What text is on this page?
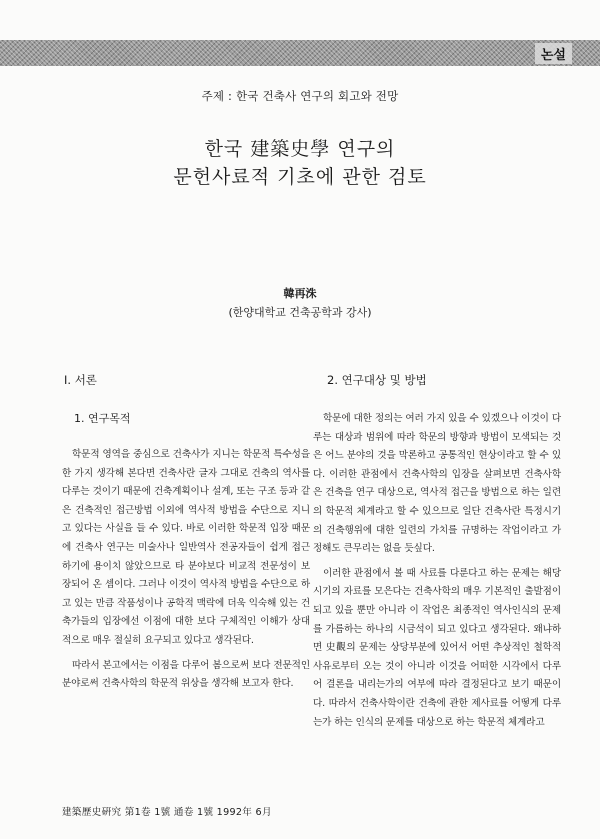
논설
주제 : 한국 건축사 연구의 회고와 전망
한국 建築史學 연구의
문헌사료적 기초에 관한 검토
韓再洙
(한양대학교 건축공학과 강사)
I. 서론
1. 연구목적

학문적 영역을 중심으로 건축사가 지니는 학문적 특수성을 한 가지 생각해 본다면 건축사란 글자 그대로 건축의 역사를 다루는 것이기 때문에 건축계획이나 설계, 또는 구조 등과 같은 건축적인 접근방법 이외에 역사적 방법을 수단으로 지니고 있다는 사실을 들 수 있다. 바로 이러한 학문적 입장 때문에 건축사 연구는 미술사나 일반역사 전공자들이 쉽게 접근하기에 용이치 않았으므로 타 분야보다 비교적 전문성이 보장되어 온 셈이다. 그러나 이것이 역사적 방법을 수단으로 하고 있는 만큼 작품성이나 공학적 맥락에 더욱 익숙해 있는 건축가들의 입장에선 이점에 대한 보다 구체적인 이해가 상대적으로 매우 절실히 요구되고 있다고 생각된다.

따라서 본고에서는 이점을 다루어 봄으로써 보다 전문적인 분야로써 건축사학의 학문적 위상을 생각해 보고자 한다.

2. 연구대상 및 방법

학문에 대한 정의는 여러 가지 있을 수 있겠으나 이것이 다루는 대상과 범위에 따라 학문의 방향과 방법이 모색되는 것은 어느 분야의 것을 막론하고 공통적인 현상이라고 할 수 있다. 이러한 관점에서 건축사학의 입장을 살펴보면 건축사학은 건축을 연구 대상으로, 역사적 접근을 방법으로 하는 일련의 학문적 체계라고 할 수 있으므로 일단 건축사란 특정시기의 건축행위에 대한 일련의 가치를 규명하는 작업이라고 가정해도 큰무리는 없을 듯싶다.

이러한 관점에서 볼 때 사료를 다룬다고 하는 문제는 해당시기의 자료를 모은다는 건축사학의 매우 기본적인 출발점이 되고 있을 뿐만 아니라 이 작업은 최종적인 역사인식의 문제를 가름하는 하나의 시금석이 되고 있다고 생각된다. 왜냐하면 史觀의 문제는 상당부분에 있어서 어떤 추상적인 철학적 사유로부터 오는 것이 아니라 이것을 어떠한 시각에서 다루어 결론을 내리는가의 여부에 따라 결정된다고 보기 때문이다. 따라서 건축사학이란 건축에 관한 제사료를 어떻게 다루는가 하는 인식의 문제를 대상으로 하는 학문적 체계라고

建築歷史硏究 第1卷 1號 通卷 1號 1992年 6月
